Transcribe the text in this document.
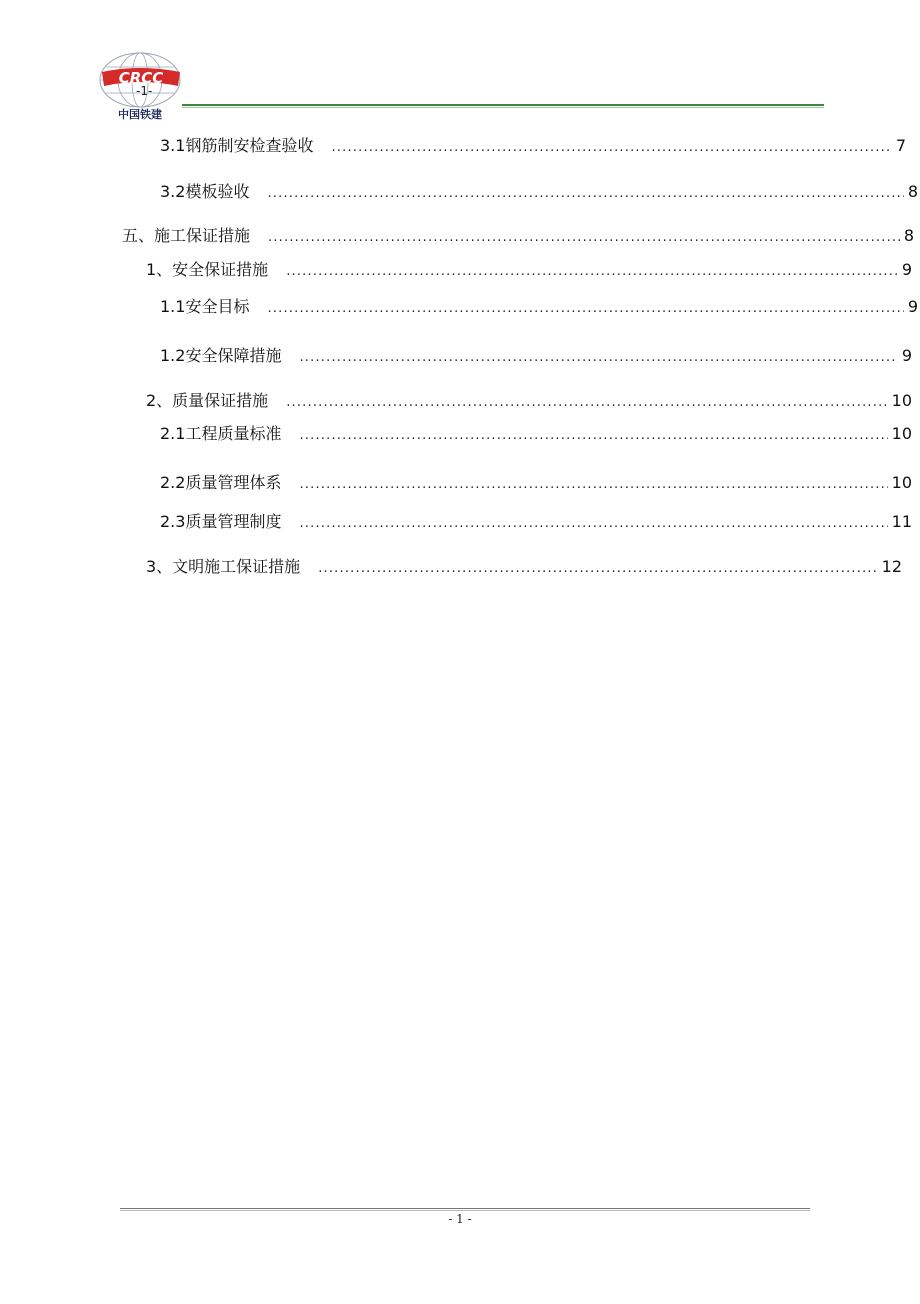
CRCC
中国铁建
-1-
3.1钢筋制安检查验收 .....	7
3.2模板验收 .....	8
五、施工保证措施 .....	8
1、安全保证措施 .....	9
1.1安全目标 .....	9
1.2安全保障措施 .....	9
2、质量保证措施 .....	10
2.1工程质量标准 .....	10
2.2质量管理体系 .....	10
2.3质量管理制度 .....	11
3、文明施工保证措施 .....	12
- 1 -
